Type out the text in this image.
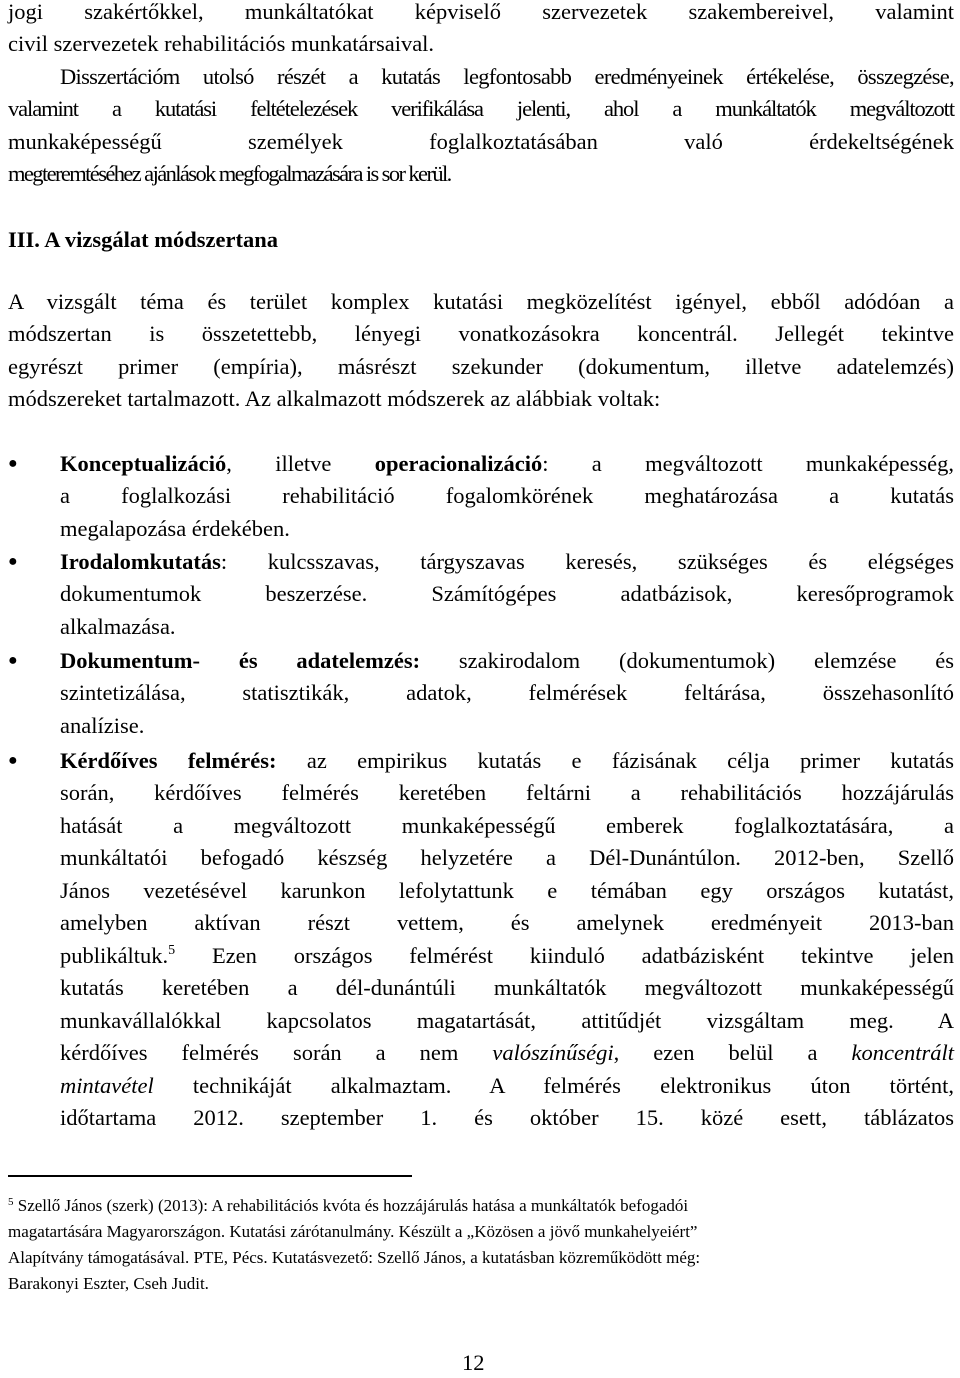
jogi szakértőkkel, munkáltatókat képviselő szervezetek szakembereivel, valamint
civil szervezetek rehabilitációs munkatársaival.
Disszertációm utolsó részét a kutatás legfontosabb eredményeinek értékelése, összegzése,
valamint a kutatási feltételezések verifikálása jelenti, ahol a munkáltatók megváltozott
munkaképességű személyek foglalkoztatásában való érdekeltségének
megteremtéséhez ajánlások megfogalmazására is sor kerül.
III. A vizsgálat módszertana
A vizsgált téma és terület komplex kutatási megközelítést igényel, ebből adódóan a
módszertan is összetettebb, lényegi vonatkozásokra koncentrál. Jellegét tekintve
egyrészt primer (empíria), másrészt szekunder (dokumentum, illetve adatelemzés)
módszereket tartalmazott. Az alkalmazott módszerek az alábbiak voltak:
● Konceptualizáció, illetve operacionalizáció: a megváltozott munkaképesség,
a foglalkozási rehabilitáció fogalomkörének meghatározása a kutatás
megalapozása érdekében.
● Irodalomkutatás: kulcsszavas, tárgyszavas keresés, szükséges és elégséges
dokumentumok beszerzése. Számítógépes adatbázisok, keresőprogramok
alkalmazása.
● Dokumentum- és adatelemzés: szakirodalom (dokumentumok) elemzése és
szintetizálása, statisztikák, adatok, felmérések feltárása, összehasonlító
analízise.
● Kérdőíves felmérés: az empirikus kutatás e fázisának célja primer kutatás
során, kérdőíves felmérés keretében feltárni a rehabilitációs hozzájárulás
hatását a megváltozott munkaképességű emberek foglalkoztatására, a
munkáltatói befogadó készség helyzetére a Dél-Dunántúlon. 2012-ben, Szellő
János vezetésével karunkon lefolytattunk e témában egy országos kutatást,
amelyben aktívan részt vettem, és amelynek eredményeit 2013-ban
publikáltuk.$^5$ Ezen országos felmérést kiinduló adatbázisként tekintve jelen
kutatás keretében a dél-dunántúli munkáltatók megváltozott munkaképességű
munkavállalókkal kapcsolatos magatartását, attitűdjét vizsgáltam meg. A
kérdőíves felmérés során a nem valószínűségi, ezen belül a koncentrált
mintavétel technikáját alkalmaztam. A felmérés elektronikus úton történt,
időtartama 2012. szeptember 1. és október 15. közé esett, táblázatos
$^5$ Szellő János (szerk) (2013): A rehabilitációs kvóta és hozzájárulás hatása a munkáltatók befogadói
magatartására Magyarországon. Kutatási zárótanulmány. Készült a „Közösen a jövő munkahelyeiért”
Alapítvány támogatásával. PTE, Pécs. Kutatásvezető: Szellő János, a kutatásban közreműködött még:
Barakonyi Eszter, Cseh Judit.
12
